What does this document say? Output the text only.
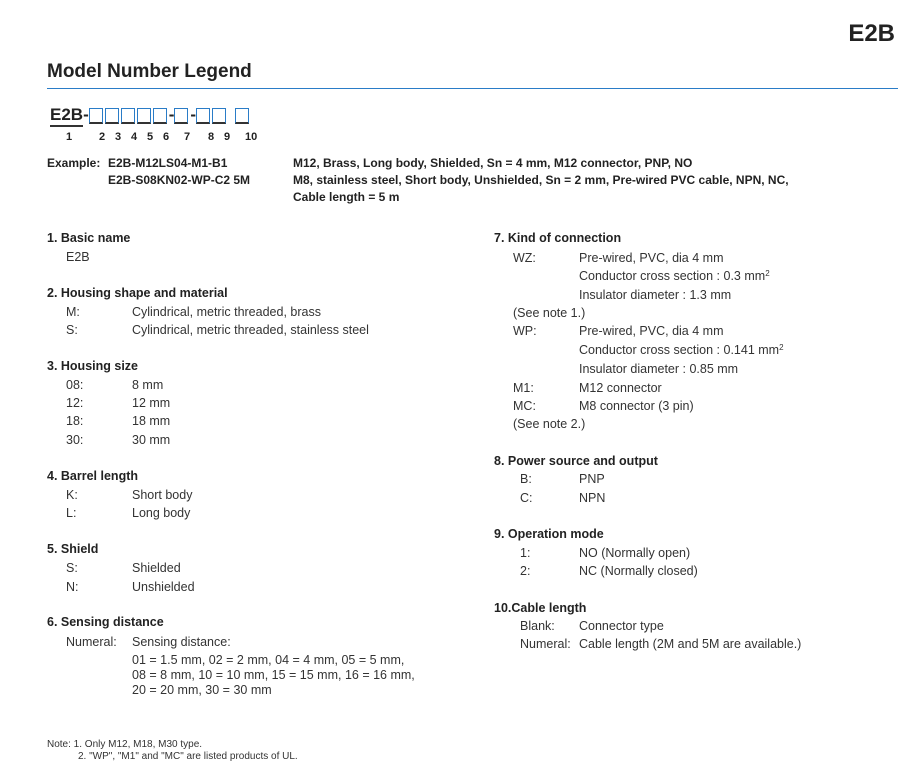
E2B
Model Number Legend
E2B -	- -
1 2 3 4 5 6 7 8 9 10
Example: E2B-M12LS04-M1-B1	M12, Brass, Long body, Shielded, Sn = 4 mm, M12 connector, PNP, NO
E2B-S08KN02-WP-C2 5M	M8, stainless steel, Short body, Unshielded, Sn = 2 mm, Pre-wired PVC cable, NPN, NC,
Cable length = 5 m
1. Basic name
E2B
2. Housing shape and material
M:	Cylindrical, metric threaded, brass
S:	Cylindrical, metric threaded, stainless steel
3. Housing size
08:	8 mm
12:	12 mm
18:	18 mm
30:	30 mm
4. Barrel length
K:	Short body
L:	Long body
5. Shield
S:	Shielded
N:	Unshielded
6. Sensing distance
Numeral: Sensing distance:
01 = 1.5 mm, 02 = 2 mm, 04 = 4 mm, 05 = 5 mm,
08 = 8 mm, 10 = 10 mm, 15 = 15 mm, 16 = 16 mm,
20 = 20 mm, 30 = 30 mm
7. Kind of connection
WZ:	Pre-wired, PVC, dia 4 mm
Conductor cross section : 0.3 $mm^2$
Insulator diameter : 1.3 mm
(See note 1.)
WP:	Pre-wired, PVC, dia 4 mm
Conductor cross section : 0.141 $mm^2$
Insulator diameter : 0.85 mm
M1:	M12 connector
MC:	M8 connector (3 pin)
(See note 2.)
8. Power source and output
B:	PNP
C:	NPN
9. Operation mode
1:	NO (Normally open)
2:	NC (Normally closed)
10.Cable length
Blank: Connector type
Numeral: Cable length (2M and 5M are available.)
Note: 1. Only M12, M18, M30 type.
2. "WP", "M1" and "MC" are listed products of UL.
